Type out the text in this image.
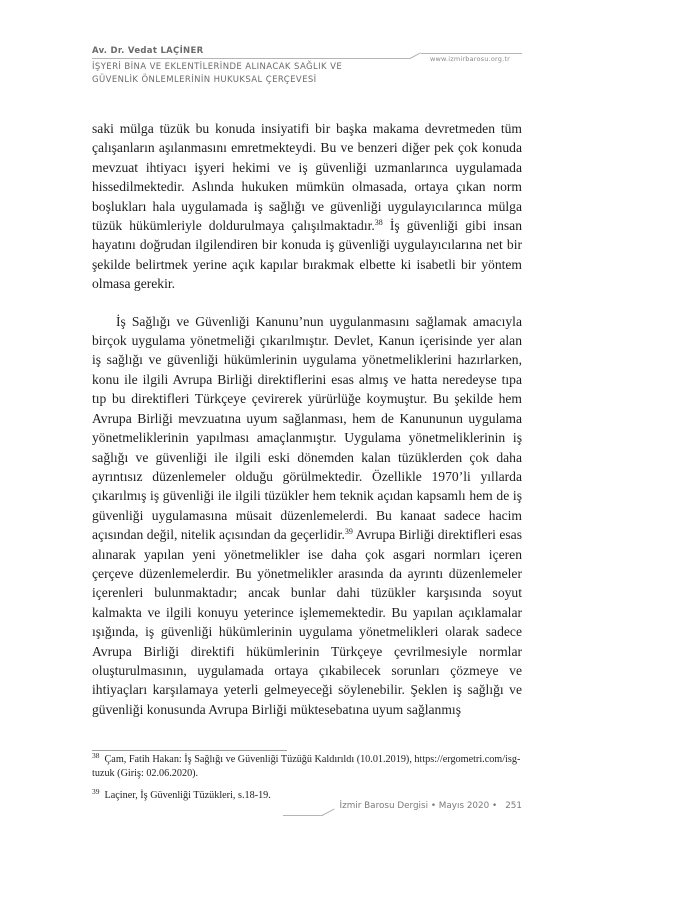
Av. Dr. Vedat LAÇİNER

İŞYERİ BİNA VE EKLENTİLERİNDE ALINACAK SAĞLIK VE
GÜVENLİK ÖNLEMLERİNİN HUKUKSAL ÇERÇEVESİ

www.izmirbarosu.org.tr

saki mülga tüzük bu konuda insiyatifi bir başka makama devretmeden tüm çalışanların aşılanmasını emretmekteydi. Bu ve benzeri diğer pek çok konuda mevzuat ihtiyacı işyeri hekimi ve iş güvenliği uzmanlarınca uygulamada hissedilmektedir. Aslında hukuken mümkün olmasada, ortaya çıkan norm boşlukları hala uygulamada iş sağlığı ve güvenliği uygulayıcılarınca mülga tüzük hükümleriyle doldurulmaya çalışılmaktadır.$^{38}$ İş güvenliği gibi insan hayatını doğrudan ilgilendiren bir konuda iş güvenliği uygulayıcılarına net bir şekilde belirtmek yerine açık kapılar bırakmak elbette ki isabetli bir yöntem olmasa gerekir.

İş Sağlığı ve Güvenliği Kanunu’nun uygulanmasını sağlamak amacıyla birçok uygulama yönetmeliği çıkarılmıştır. Devlet, Kanun içerisinde yer alan iş sağlığı ve güvenliği hükümlerinin uygulama yönetmeliklerini hazırlarken, konu ile ilgili Avrupa Birliği direktiflerini esas almış ve hatta neredeyse tıpa tıp bu direktifleri Türkçeye çevirerek yürürlüğe koymuştur. Bu şekilde hem Avrupa Birliği mevzuatına uyum sağlanması, hem de Kanununun uygulama yönetmeliklerinin yapılması amaçlanmıştır. Uygulama yönetmeliklerinin iş sağlığı ve güvenliği ile ilgili eski dönemden kalan tüzüklerden çok daha ayrıntısız düzenlemeler olduğu görülmektedir. Özellikle 1970’li yıllarda çıkarılmış iş güvenliği ile ilgili tüzükler hem teknik açıdan kapsamlı hem de iş güvenliği uygulamasına müsait düzenlemelerdi. Bu kanaat sadece hacim açısından değil, nitelik açısından da geçerlidir.$^{39}$ Avrupa Birliği direktifleri esas alınarak yapılan yeni yönetmelikler ise daha çok asgari normları içeren çerçeve düzenlemelerdir. Bu yönetmelikler arasında da ayrıntı düzenlemeler içerenleri bulunmaktadır; ancak bunlar dahi tüzükler karşısında soyut kalmakta ve ilgili konuyu yeterince işlememektedir. Bu yapılan açıklamalar ışığında, iş güvenliği hükümlerinin uygulama yönetmelikleri olarak sadece Avrupa Birliği direktifi hükümlerinin Türkçeye çevrilmesiyle normlar oluşturulmasının, uygulamada ortaya çıkabilecek sorunları çözmeye ve ihtiyaçları karşılamaya yeterli gelmeyeceği söylenebilir. Şeklen iş sağlığı ve güvenliği konusunda Avrupa Birliği müktesebatına uyum sağlanmış

$^{38}$ Çam, Fatih Hakan: İş Sağlığı ve Güvenliği Tüzüğü Kaldırıldı (10.01.2019), https://ergometri.com/isg-tuzuk (Giriş: 02.06.2020).

$^{39}$ Laçiner, İş Güvenliği Tüzükleri, s.18-19.

İzmir Barosu Dergisi • Mayıs 2020 • 251
